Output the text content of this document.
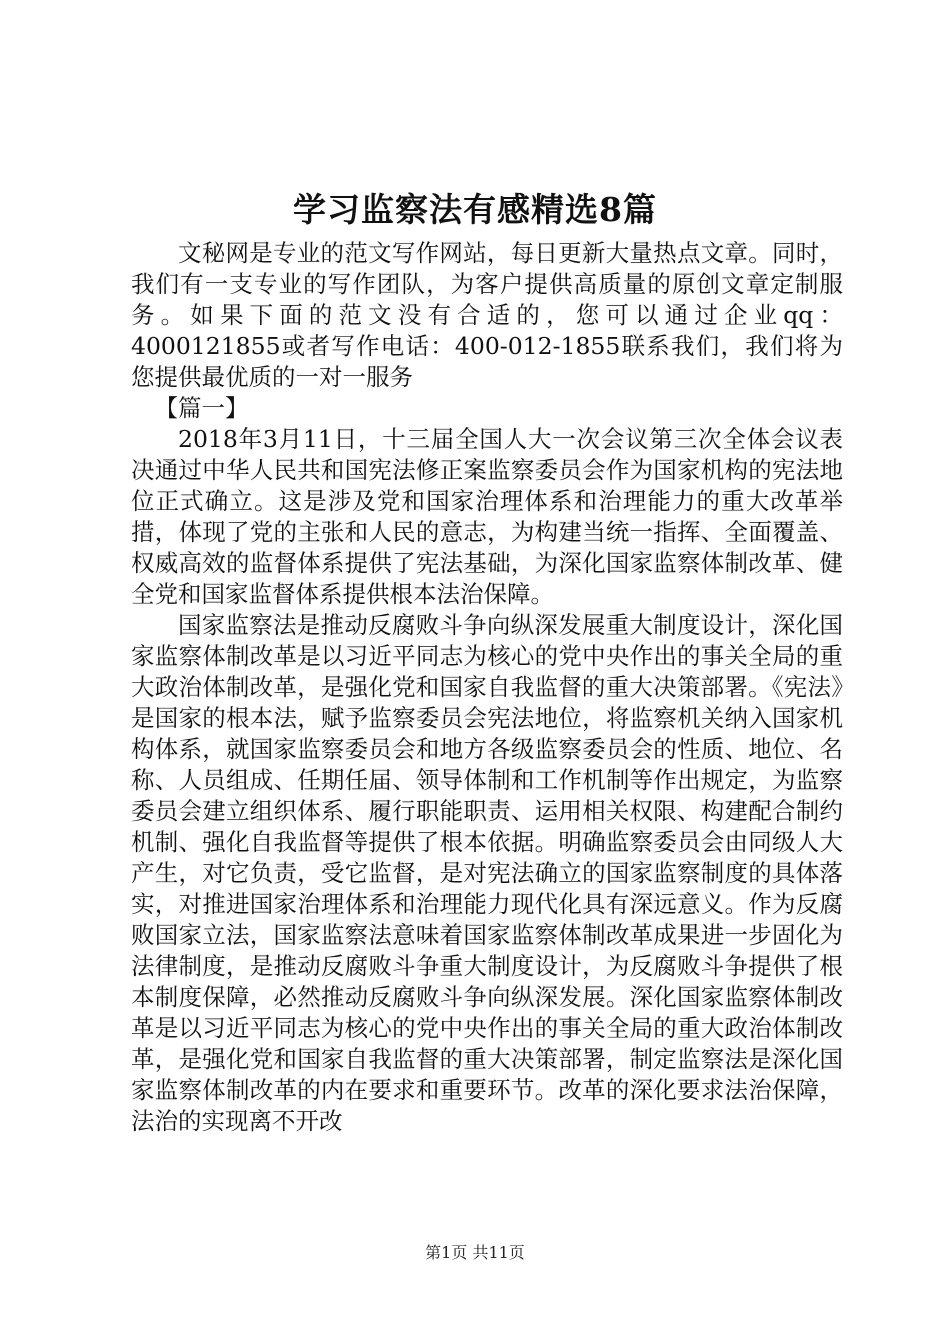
学习监察法有感精选8篇

文秘网是专业的范文写作网站，每日更新大量热点文章。同时，我们有一支专业的写作团队，为客户提供高质量的原创文章定制服务。如果下面的范文没有合适的，您可以通过企业qq：4000121855或者写作电话：400-012-1855联系我们，我们将为您提供最优质的一对一服务

【篇一】

2018年3月11日，十三届全国人大一次会议第三次全体会议表决通过中华人民共和国宪法修正案监察委员会作为国家机构的宪法地位正式确立。这是涉及党和国家治理体系和治理能力的重大改革举措，体现了党的主张和人民的意志，为构建当统一指挥、全面覆盖、权威高效的监督体系提供了宪法基础，为深化国家监察体制改革、健全党和国家监督体系提供根本法治保障。

国家监察法是推动反腐败斗争向纵深发展重大制度设计，深化国家监察体制改革是以习近平同志为核心的党中央作出的事关全局的重大政治体制改革，是强化党和国家自我监督的重大决策部署。《宪法》是国家的根本法，赋予监察委员会宪法地位，将监察机关纳入国家机构体系，就国家监察委员会和地方各级监察委员会的性质、地位、名称、人员组成、任期任届、领导体制和工作机制等作出规定，为监察委员会建立组织体系、履行职能职责、运用相关权限、构建配合制约机制、强化自我监督等提供了根本依据。明确监察委员会由同级人大产生，对它负责，受它监督，是对宪法确立的国家监察制度的具体落实，对推进国家治理体系和治理能力现代化具有深远意义。作为反腐败国家立法，国家监察法意味着国家监察体制改革成果进一步固化为法律制度，是推动反腐败斗争重大制度设计，为反腐败斗争提供了根本制度保障，必然推动反腐败斗争向纵深发展。深化国家监察体制改革是以习近平同志为核心的党中央作出的事关全局的重大政治体制改革，是强化党和国家自我监督的重大决策部署，制定监察法是深化国家监察体制改革的内在要求和重要环节。改革的深化要求法治保障，法治的实现离不开改

第1页 共11页
